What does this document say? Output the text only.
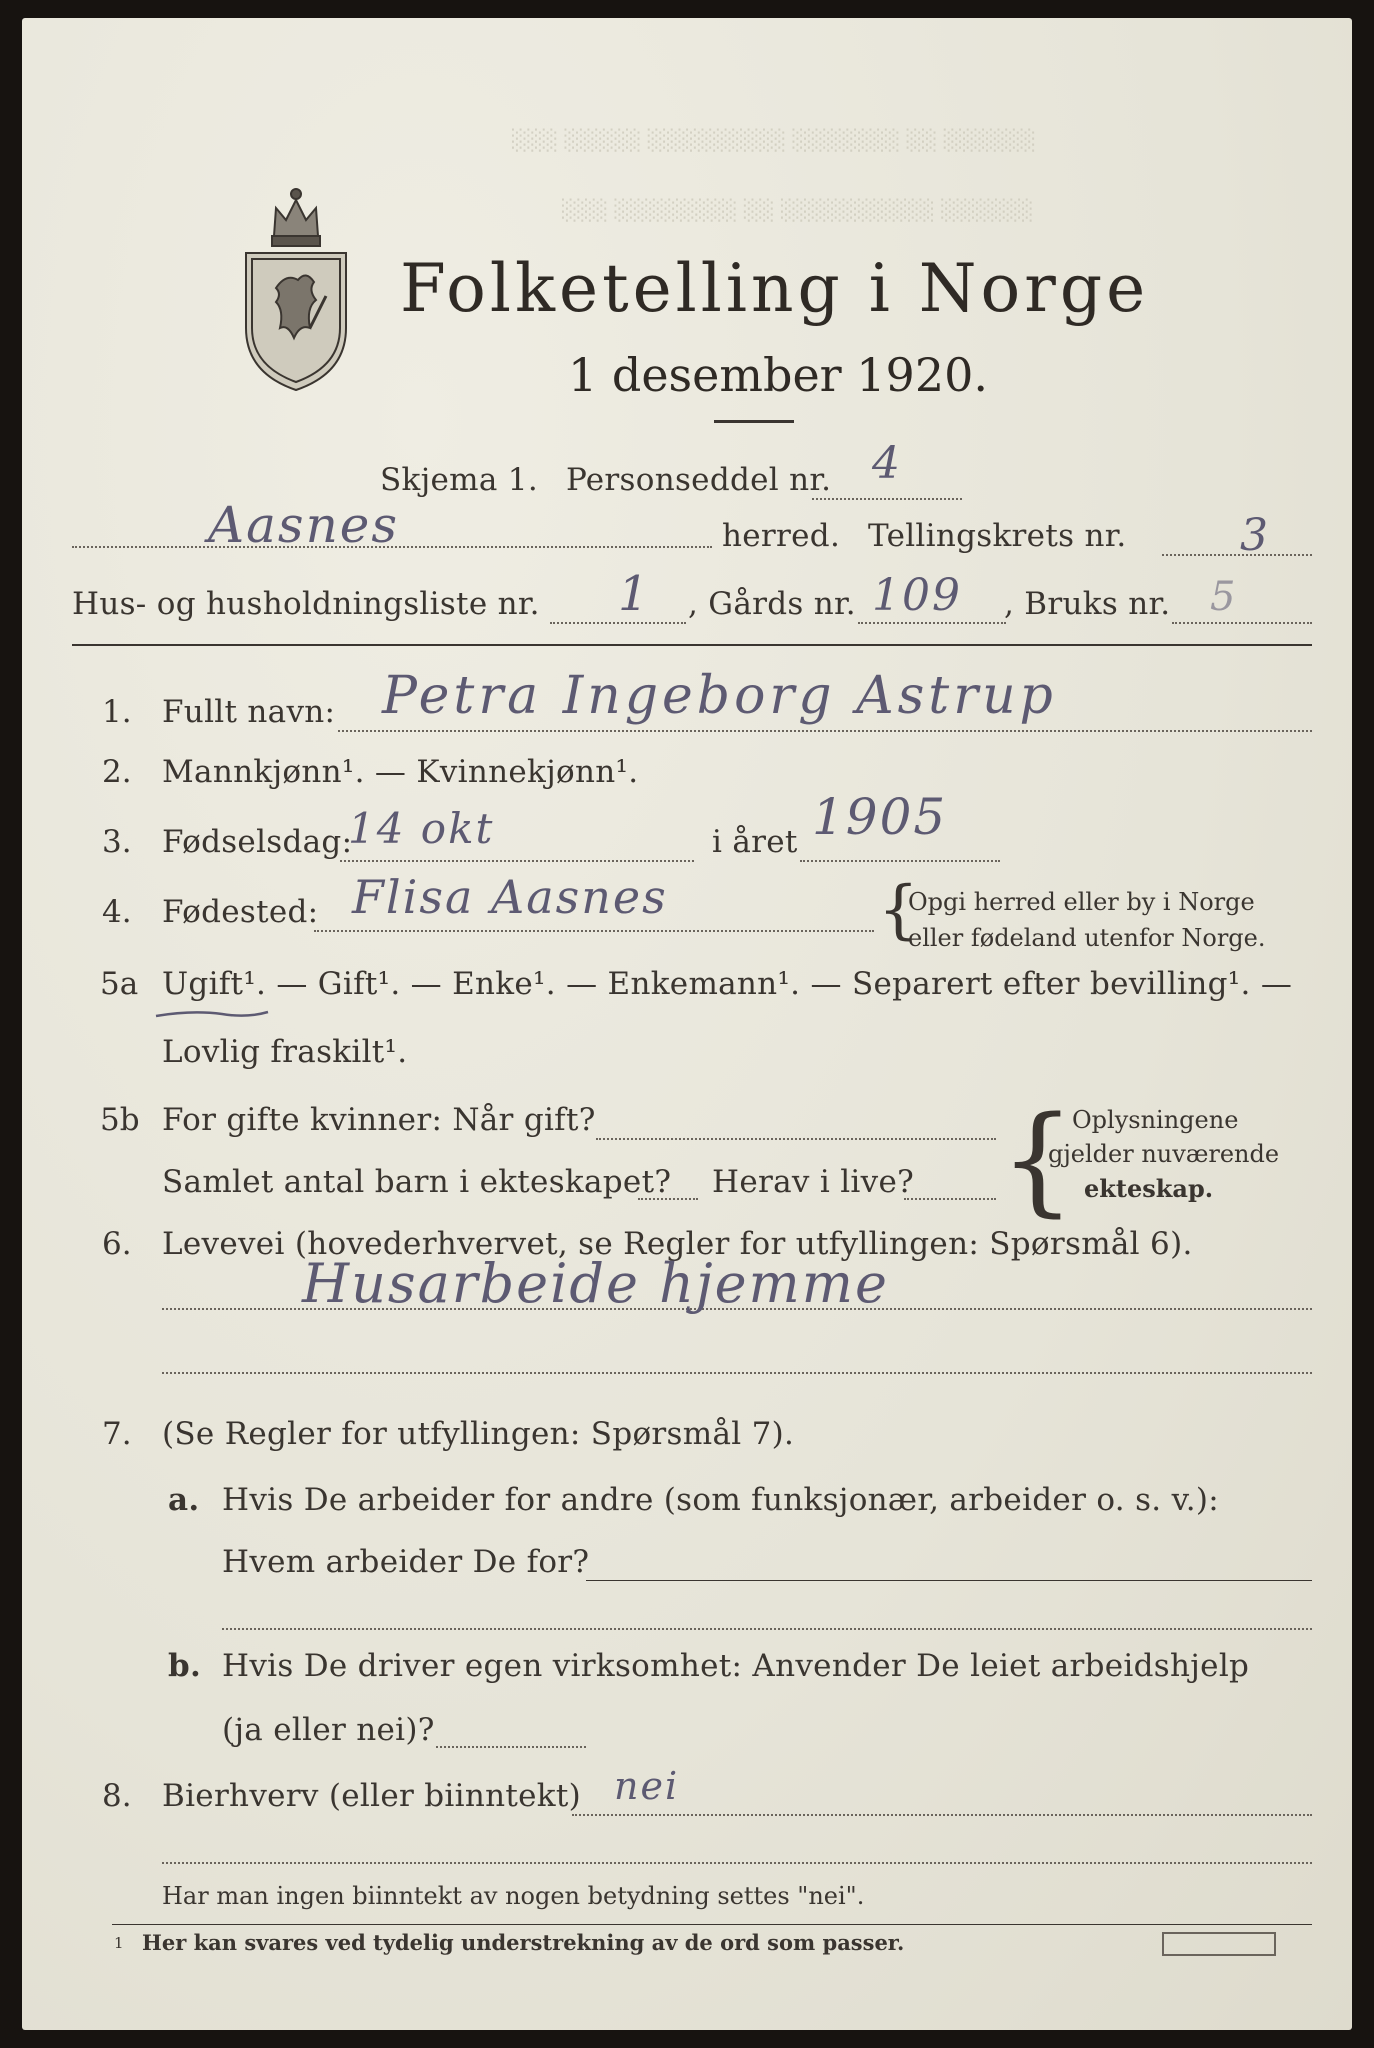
░░░ ░░░░░ ░░░░░░░░░ ░░░░░░░ ░░ ░░░░░░
░░░ ░░░░░░░░ ░░ ░░░░░░░░░░ ░░░░░░
Folketelling i Norge
1 desember 1920.
Skjema 1. Personseddel nr. 4
Aasnes	herred. Tellingskrets nr.	3
Hus- og husholdningsliste nr. 1 , Gårds nr. 109 , Bruks nr. 5
1. Fullt navn: Petra Ingeborg Astrup
2. Mannkjønn¹. — Kvinnekjønn¹.
3. Fødselsdag:
14 okt	i året 1905
4. Fødested: Flisa Aasnes	{
Opgi herred eller by i Norge
eller fødeland utenfor Norge.
5a Ugift¹. — Gift¹. — Enke¹. — Enkemann¹. — Separert efter bevilling¹. —
Lovlig fraskilt¹.
5b For gifte kvinner: Når gift?
Samlet antal barn i ekteskapet? Herav i live? {
Oplysningene
gjelder nuværende
ekteskap.
6. Levevei (hovederhvervet, se Regler for utfyllingen: Spørsmål 6).
Husarbeide hjemme
7. (Se Regler for utfyllingen: Spørsmål 7).
a. Hvis De arbeider for andre (som funksjonær, arbeider o. s. v.):
Hvem arbeider De for?
b. Hvis De driver egen virksomhet: Anvender De leiet arbeidshjelp
(ja eller nei)?
8. Bierhverv (eller biinntekt) nei
Har man ingen biinntekt av nogen betydning settes "nei".
1 Her kan svares ved tydelig understrekning av de ord som passer.
